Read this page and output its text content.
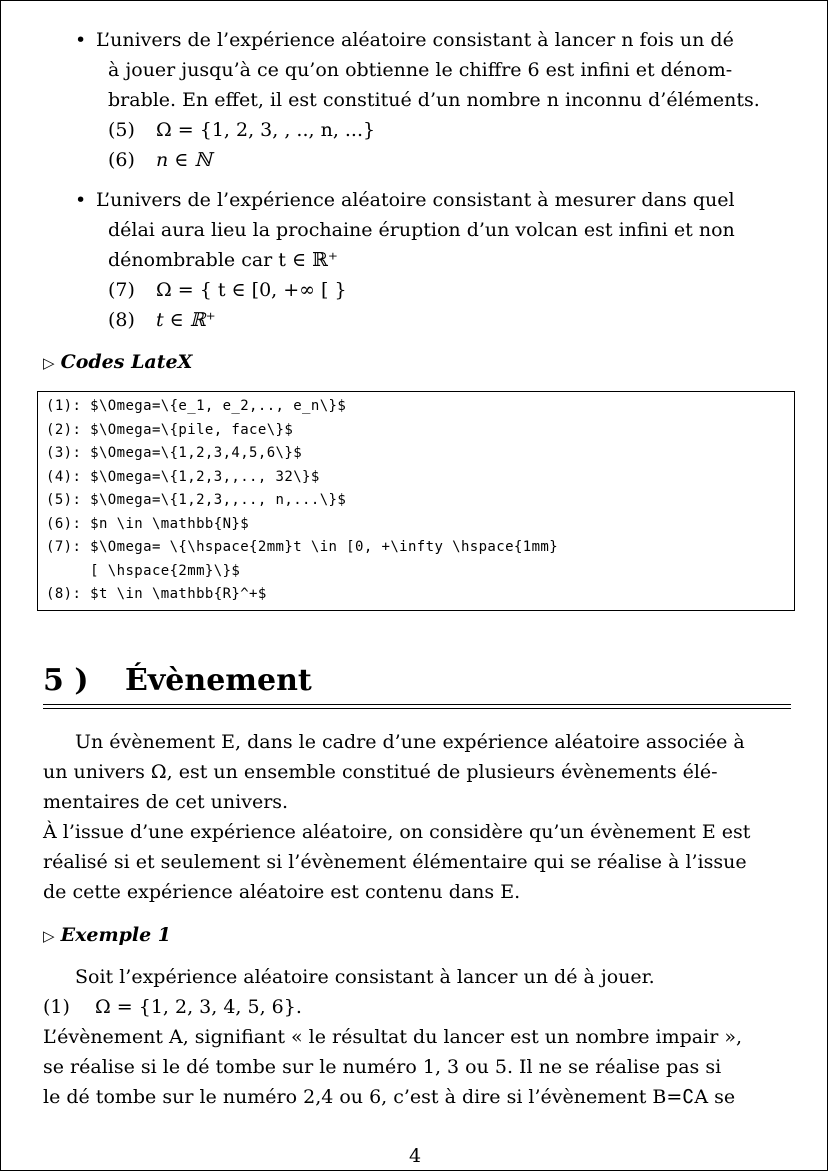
• L’univers de l’expérience aléatoire consistant à lancer n fois un dé
à jouer jusqu’à ce qu’on obtienne le chiffre 6 est infini et dénom-
brable. En effet, il est constitué d’un nombre n inconnu d’éléments.
(5) Ω = {1, 2, 3, , .., n, ...}
(6) n ∈ ℕ
• L’univers de l’expérience aléatoire consistant à mesurer dans quel
délai aura lieu la prochaine éruption d’un volcan est infini et non
dénombrable car t ∈ ℝ⁺
(7) Ω = { t ∈ [0, +∞ [ }
(8) t ∈ ℝ⁺
▷ Codes LateX
(1): $\Omega=\{e_1, e_2,.., e_n\}$
(2): $\Omega=\{pile, face\}$
(3): $\Omega=\{1,2,3,4,5,6\}$
(4): $\Omega=\{1,2,3,,.., 32\}$
(5): $\Omega=\{1,2,3,,.., n,...\}$
(6): $n \in \mathbb{N}$
(7): $\Omega= \{\hspace{2mm}t \in [0, +\infty \hspace{1mm}
[ \hspace{2mm}\}$
(8): $t \in \mathbb{R}^+$
5 ) Évènement
Un évènement E, dans le cadre d’une expérience aléatoire associée à
un univers Ω, est un ensemble constitué de plusieurs évènements élé-
mentaires de cet univers.
À l’issue d’une expérience aléatoire, on considère qu’un évènement E est
réalisé si et seulement si l’évènement élémentaire qui se réalise à l’issue
de cette expérience aléatoire est contenu dans E.
▷ Exemple 1
Soit l’expérience aléatoire consistant à lancer un dé à jouer.
(1) Ω = {1, 2, 3, 4, 5, 6}.
L’évènement A, signifiant « le résultat du lancer est un nombre impair »,
se réalise si le dé tombe sur le numéro 1, 3 ou 5. Il ne se réalise pas si
le dé tombe sur le numéro 2,4 ou 6, c’est à dire si l’évènement B=∁A se
4
